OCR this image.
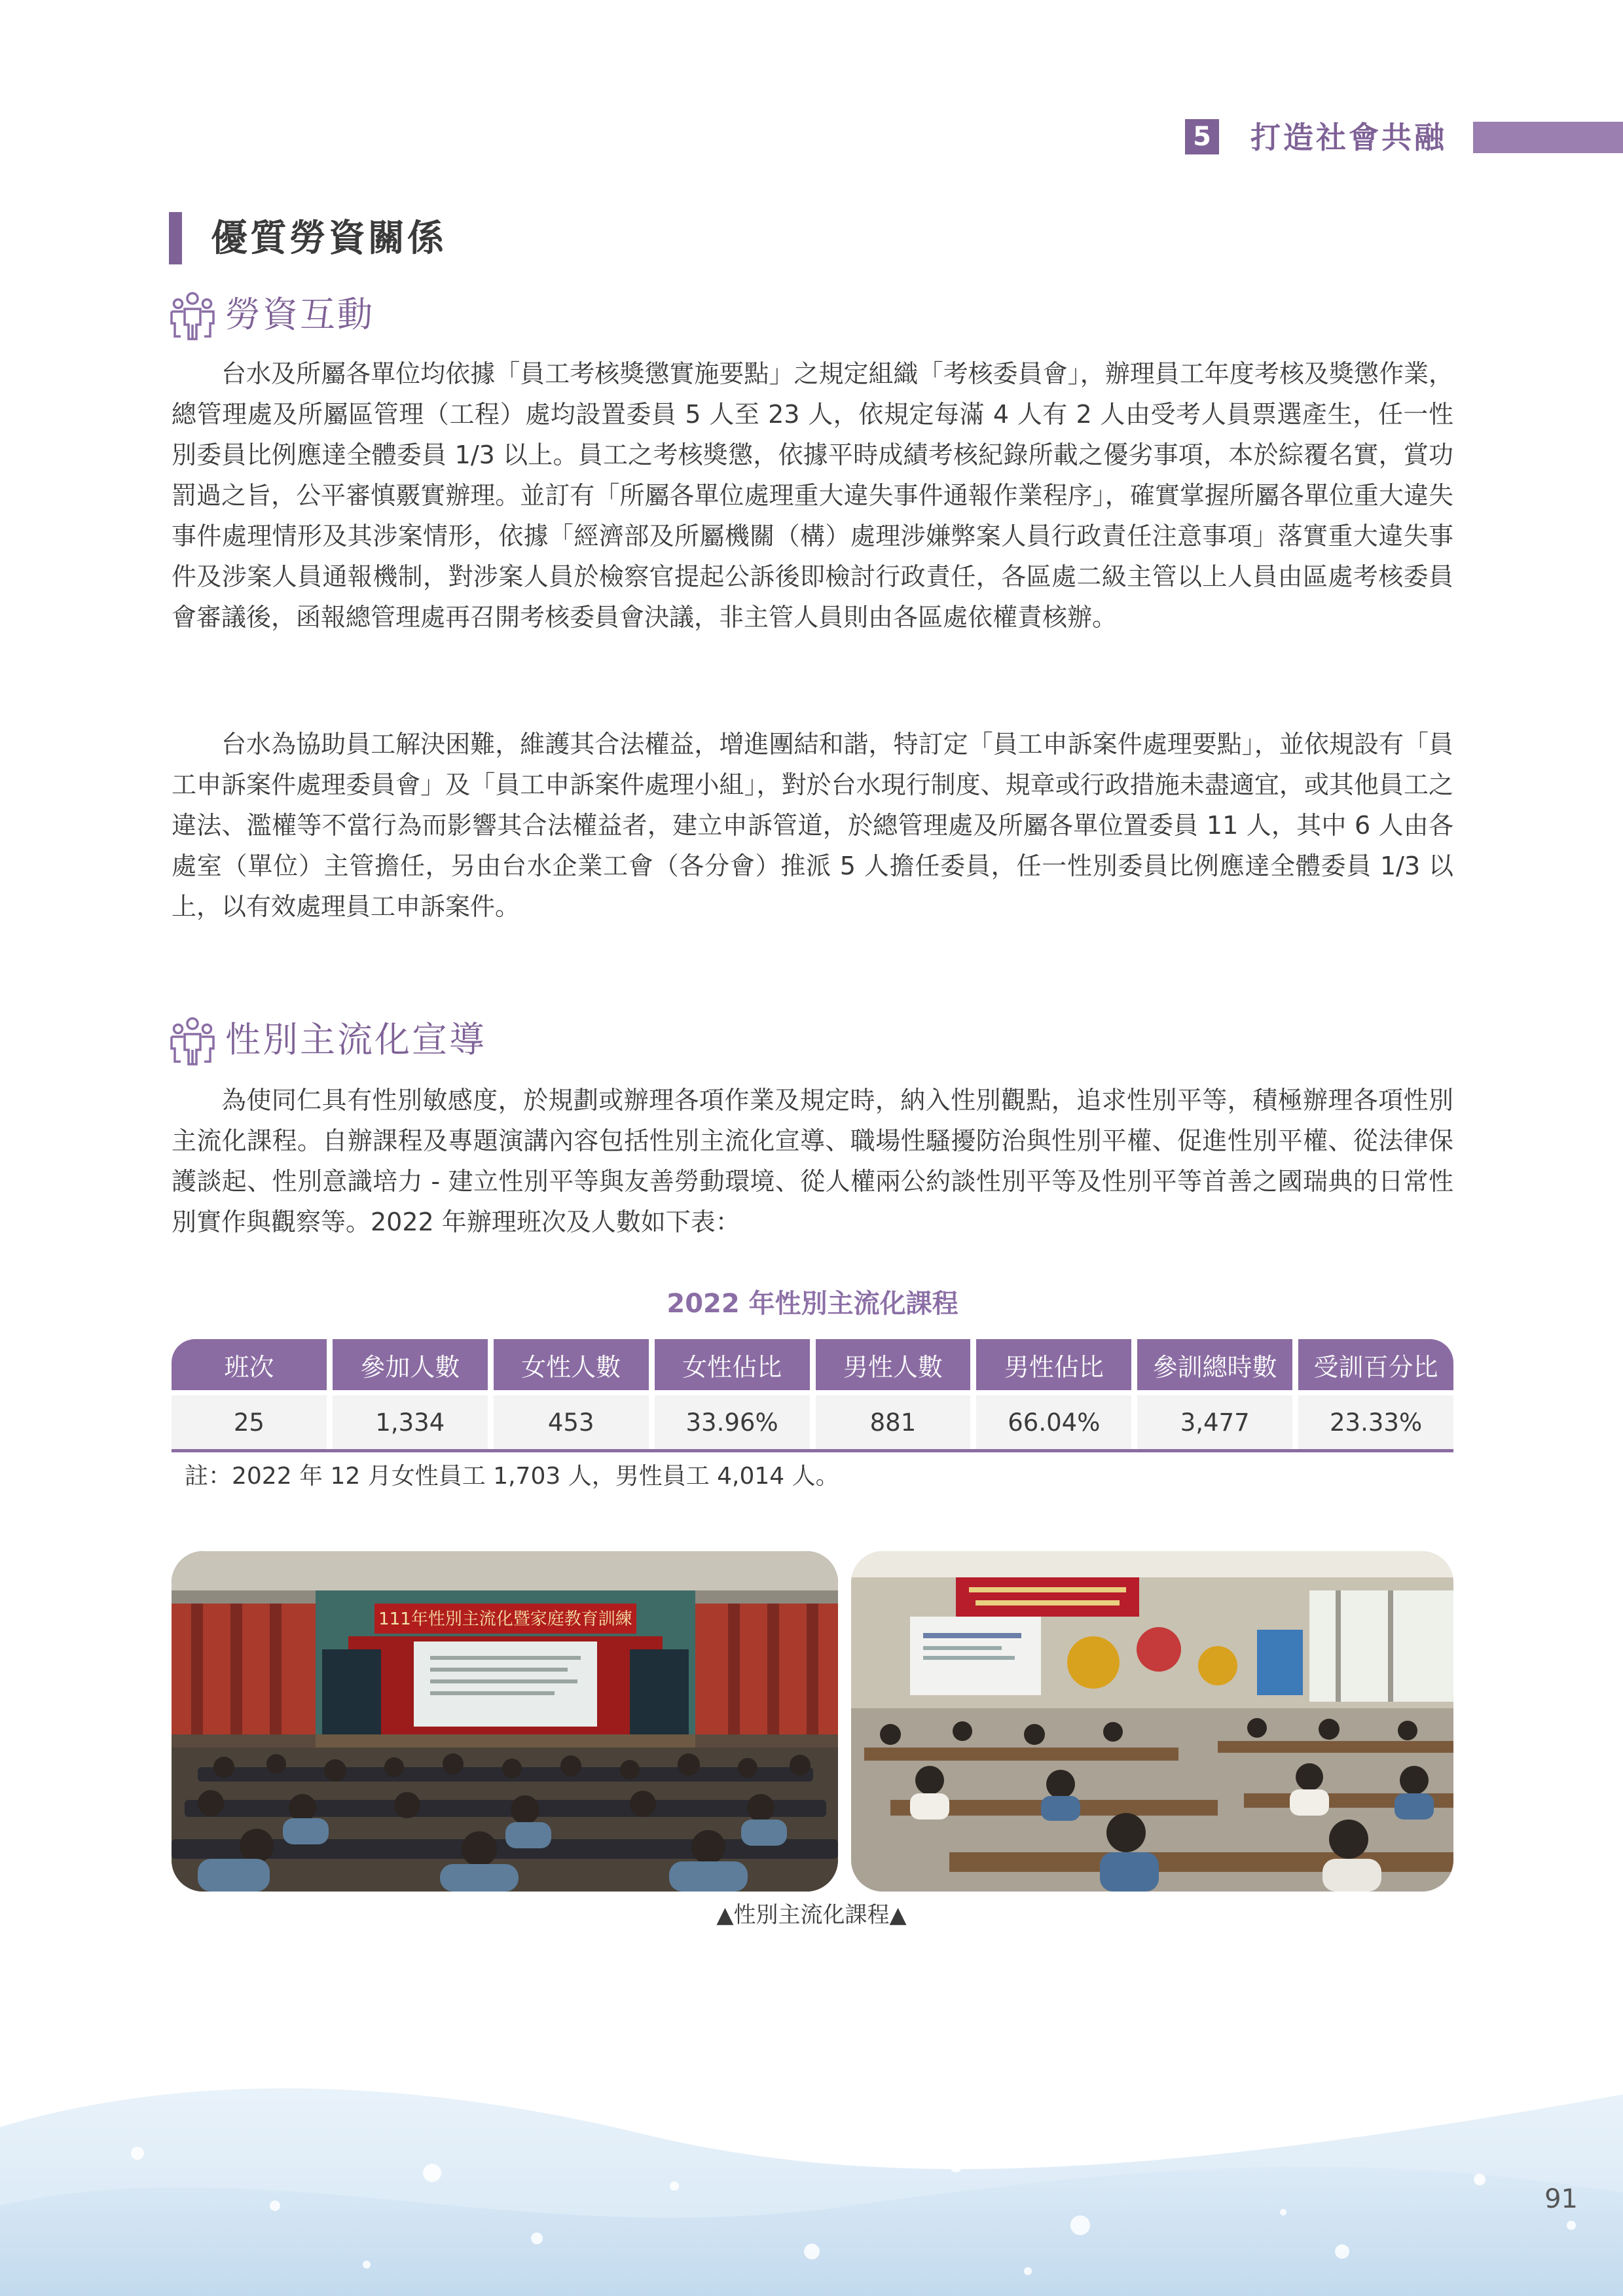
5 打造社會共融
優質勞資關係
勞資互動

台水及所屬各單位均依據「員工考核獎懲實施要點」之規定組織「考核委員會」，辦理員工年度考核及獎懲作業，總管理處及所屬區管理（工程）處均設置委員 5 人至 23 人，依規定每滿 4 人有 2 人由受考人員票選產生，任一性別委員比例應達全體委員 1/3 以上。員工之考核獎懲，依據平時成績考核紀錄所載之優劣事項，本於綜覆名實，賞功罰過之旨，公平審慎覈實辦理。並訂有「所屬各單位處理重大違失事件通報作業程序」，確實掌握所屬各單位重大違失事件處理情形及其涉案情形，依據「經濟部及所屬機關（構）處理涉嫌弊案人員行政責任注意事項」落實重大違失事件及涉案人員通報機制，對涉案人員於檢察官提起公訴後即檢討行政責任，各區處二級主管以上人員由區處考核委員會審議後，函報總管理處再召開考核委員會決議，非主管人員則由各區處依權責核辦。

台水為協助員工解決困難，維護其合法權益，增進團結和諧，特訂定「員工申訴案件處理要點」，並依規設有「員工申訴案件處理委員會」及「員工申訴案件處理小組」，對於台水現行制度、規章或行政措施未盡適宜，或其他員工之違法、濫權等不當行為而影響其合法權益者，建立申訴管道，於總管理處及所屬各單位置委員 11 人，其中 6 人由各處室（單位）主管擔任，另由台水企業工會（各分會）推派 5 人擔任委員，任一性別委員比例應達全體委員 1/3 以上，以有效處理員工申訴案件。

性別主流化宣導

為使同仁具有性別敏感度，於規劃或辦理各項作業及規定時，納入性別觀點，追求性別平等，積極辦理各項性別主流化課程。自辦課程及專題演講內容包括性別主流化宣導、職場性騷擾防治與性別平權、促進性別平權、從法律保護談起、性別意識培力 - 建立性別平等與友善勞動環境、從人權兩公約談性別平等及性別平等首善之國瑞典的日常性別實作與觀察等。2022 年辦理班次及人數如下表：

2022 年性別主流化課程
班次	參加人數	女性人數	女性佔比	男性人數	男性佔比	參訓總時數	受訓百分比
25	1,334	453	33.96%	881	66.04%	3,477	23.33%
註：2022 年 12 月女性員工 1,703 人，男性員工 4,014 人。
111年性別主流化暨家庭教育訓練
▲性別主流化課程▲
91
